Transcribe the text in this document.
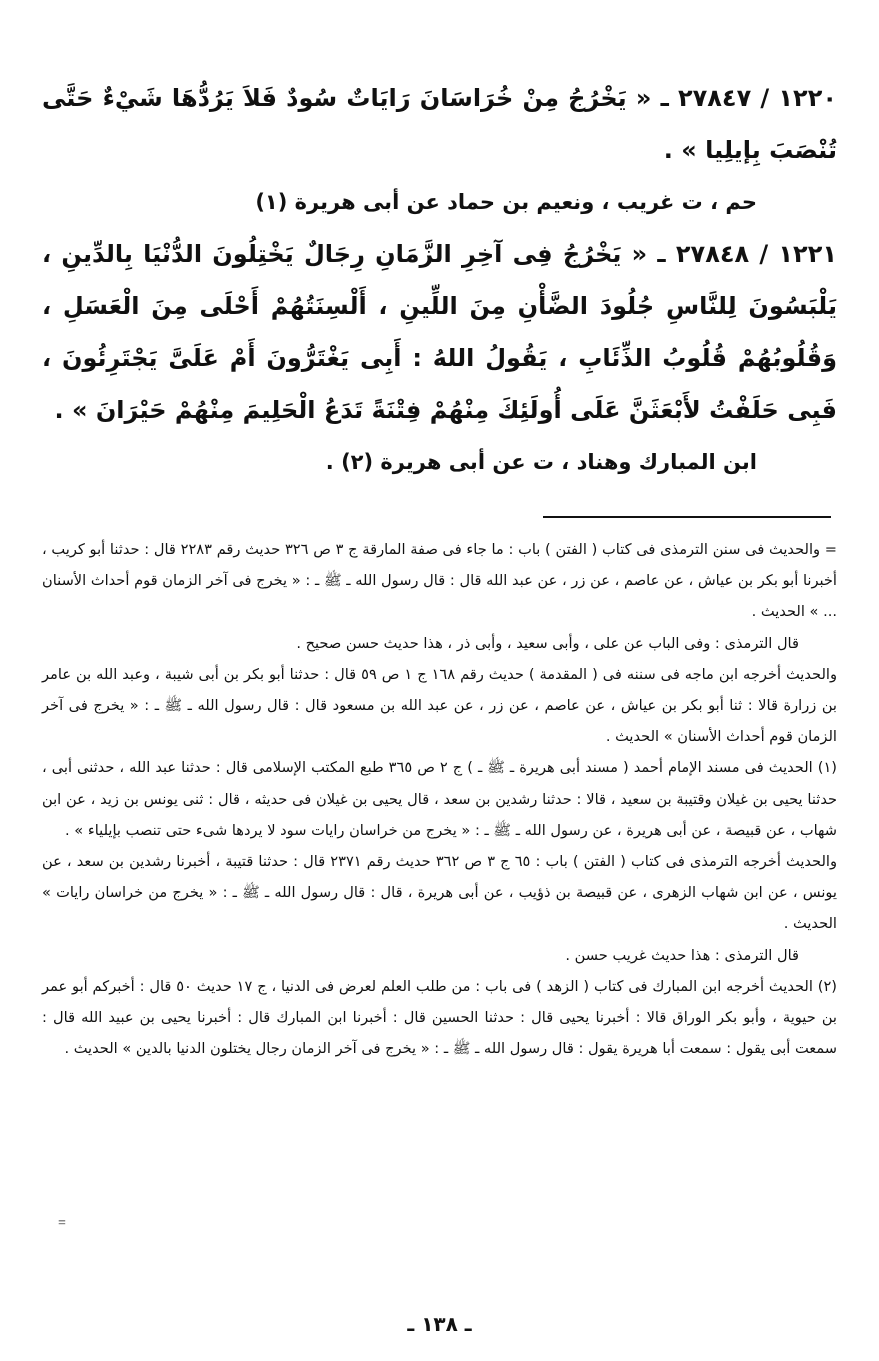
١٢٢٠ / ٢٧٨٤٧ ـ « يَخْرُجُ مِنْ خُرَاسَانَ رَايَاتٌ سُودٌ فَلاَ يَرُدُّهَا شَيْءٌ حَتَّى تُنْصَبَ بِإيلِيا » .

حم ، ت غريب ، ونعيم بن حماد عن أبى هريرة (١)

١٢٢١ / ٢٧٨٤٨ ـ « يَخْرُجُ فِى آخِرِ الزَّمَانِ رِجَالٌ يَخْتِلُونَ الدُّنْيَا بِالدِّينِ ، يَلْبَسُونَ لِلنَّاسِ جُلُودَ الضَّأْنِ مِنَ اللِّينِ ، أَلْسِنَتُهُمْ أَحْلَى مِنَ الْعَسَلِ ، وَقُلُوبُهُمْ قُلُوبُ الذِّئَابِ ، يَقُولُ اللهُ : أَبِى يَغْتَرُّونَ أَمْ عَلَىَّ يَجْتَرِئُونَ ، فَبِى حَلَفْتُ لأَبْعَثَنَّ عَلَى أُولَئِكَ مِنْهُمْ فِتْنَةً تَدَعُ الْحَلِيمَ مِنْهُمْ حَيْرَانَ » .

ابن المبارك وهناد ، ت عن أبى هريرة (٢) .

= والحديث فى سنن الترمذى فى كتاب ( الفتن ) باب : ما جاء فى صفة المارقة ج ٣ ص ٣٢٦ حديث رقم ٢٢٨٣ قال : حدثنا أبو كريب ، أخبرنا أبو بكر بن عياش ، عن عاصم ، عن زر ، عن عبد الله قال : قال رسول الله ـ ﷺ ـ : « يخرج فى آخر الزمان قوم أحداث الأسنان ... » الحديث .

قال الترمذى : وفى الباب عن على ، وأبى سعيد ، وأبى ذر ، هذا حديث حسن صحيح .

والحديث أخرجه ابن ماجه فى سننه فى ( المقدمة ) حديث رقم ١٦٨ ج ١ ص ٥٩ قال : حدثنا أبو بكر بن أبى شيبة ، وعبد الله بن عامر بن زرارة قالا : ثنا أبو بكر بن عياش ، عن عاصم ، عن زر ، عن عبد الله بن مسعود قال : قال رسول الله ـ ﷺ ـ : « يخرج فى آخر الزمان قوم أحداث الأسنان » الحديث .

(١) الحديث فى مسند الإمام أحمد ( مسند أبى هريرة ـ ﷺ ـ ) ج ٢ ص ٣٦٥ طبع المكتب الإسلامى قال : حدثنا عبد الله ، حدثنى أبى ، حدثنا يحيى بن غيلان وقتيبة بن سعيد ، قالا : حدثنا رشدين بن سعد ، قال يحيى بن غيلان فى حديثه ، قال : ثنى يونس بن زيد ، عن ابن شهاب ، عن قبيصة ، عن أبى هريرة ، عن رسول الله ـ ﷺ ـ : « يخرج من خراسان رايات سود لا يردها شىء حتى تنصب بإيلياء » .

والحديث أخرجه الترمذى فى كتاب ( الفتن ) باب : ٦٥ ج ٣ ص ٣٦٢ حديث رقم ٢٣٧١ قال : حدثنا قتيبة ، أخبرنا رشدين بن سعد ، عن يونس ، عن ابن شهاب الزهرى ، عن قبيصة بن ذؤيب ، عن أبى هريرة ، قال : قال رسول الله ـ ﷺ ـ : « يخرج من خراسان رايات » الحديث .

قال الترمذى : هذا حديث غريب حسن .

(٢) الحديث أخرجه ابن المبارك فى كتاب ( الزهد ) فى باب : من طلب العلم لعرض فى الدنيا ، ج ١٧ حديث ٥٠ قال : أخبركم أبو عمر بن حيوية ، وأبو بكر الوراق قالا : أخبرنا يحيى قال : حدثنا الحسين قال : أخبرنا ابن المبارك قال : أخبرنا يحيى بن عبيد الله قال : سمعت أبى يقول : سمعت أبا هريرة يقول : قال رسول الله ـ ﷺ ـ : « يخرج فى آخر الزمان رجال يختلون الدنيا بالدين » الحديث .

=
ـ ١٣٨ ـ
